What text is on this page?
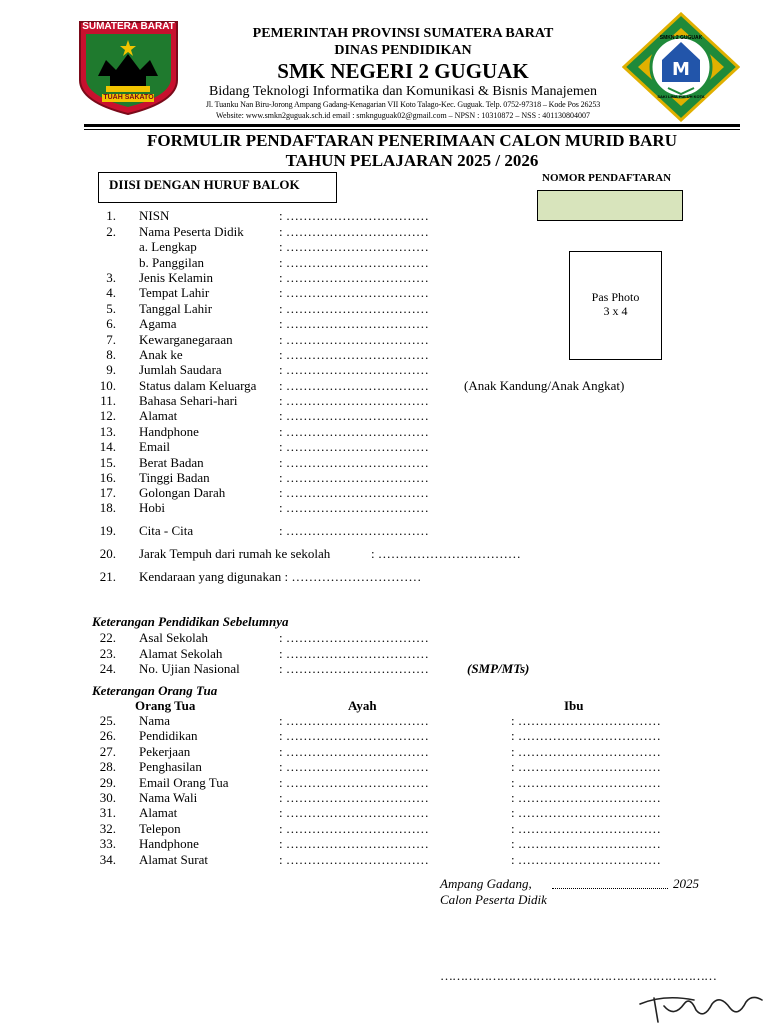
SUMATERA BARAT
TUAH SAKATO
M
SMKN 2 GUGUAK
SAKI LIMA PULUH KOTA
PEMERINTAH PROVINSI SUMATERA BARAT
DINAS PENDIDIKAN
SMK NEGERI 2 GUGUAK
Bidang Teknologi Informatika dan Komunikasi & Bisnis Manajemen
Jl. Tuanku Nan Biru-Jorong Ampang Gadang-Kenagarian VII Koto Talago-Kec. Guguak. Telp. 0752-97318 – Kode Pos 26253
Website: www.smkn2guguak.sch.id email : smknguguak02@gmail.com – NPSN : 10310872 – NSS : 401130804007
FORMULIR PENDAFTARAN PENERIMAAN CALON MURID BARU
TAHUN PELAJARAN 2025 / 2026
DIISI DENGAN HURUF BALOK	NOMOR PENDAFTARAN
Pas Photo
3 x 4
1. NISN	: ……………………………
2. Nama Peserta Didik	: ……………………………
a. Lengkap	: ……………………………
b. Panggilan	: ……………………………
3. Jenis Kelamin	: ……………………………
4. Tempat Lahir	: ……………………………
5. Tanggal Lahir	: ……………………………
6. Agama	: ……………………………
7. Kewarganegaraan	: ……………………………
8. Anak ke	: ……………………………
9. Jumlah Saudara	: ……………………………
10. Status dalam Keluarga : ……………………………
11. Bahasa Sehari-hari	: ……………………………
12. Alamat	: ……………………………
13. Handphone	: ……………………………
14. Email	: ……………………………
15. Berat Badan	: ……………………………
16. Tinggi Badan	: ……………………………
17. Golongan Darah	: ……………………………
18. Hobi	: ……………………………
19. Cita - Cita	: ……………………………
(Anak Kandung/Anak Angkat)
20. Jarak Tempuh dari rumah ke sekolah	: ……………………………
21. Kendaraan yang digunakan : …………………………
Keterangan Pendidikan Sebelumnya
22. Asal Sekolah	: ……………………………
23. Alamat Sekolah	: ……………………………
24. No. Ujian Nasional	: ……………………………	(SMP/MTs)
Keterangan Orang Tua
Orang Tua	Ayah	Ibu
25. Nama	: ……………………………	: ……………………………
26. Pendidikan	: ……………………………	: ……………………………
27. Pekerjaan	: ……………………………	: ……………………………
28. Penghasilan	: ……………………………	: ……………………………
29. Email Orang Tua	: ……………………………	: ……………………………
30. Nama Wali	: ……………………………	: ……………………………
31. Alamat	: ……………………………	: ……………………………
32. Telepon	: ……………………………	: ……………………………
33. Handphone	: ……………………………	: ……………………………
34. Alamat Surat	: ……………………………	: ……………………………
Ampang Gadang,	2025
Calon Peserta Didik
……………………………………………………………
